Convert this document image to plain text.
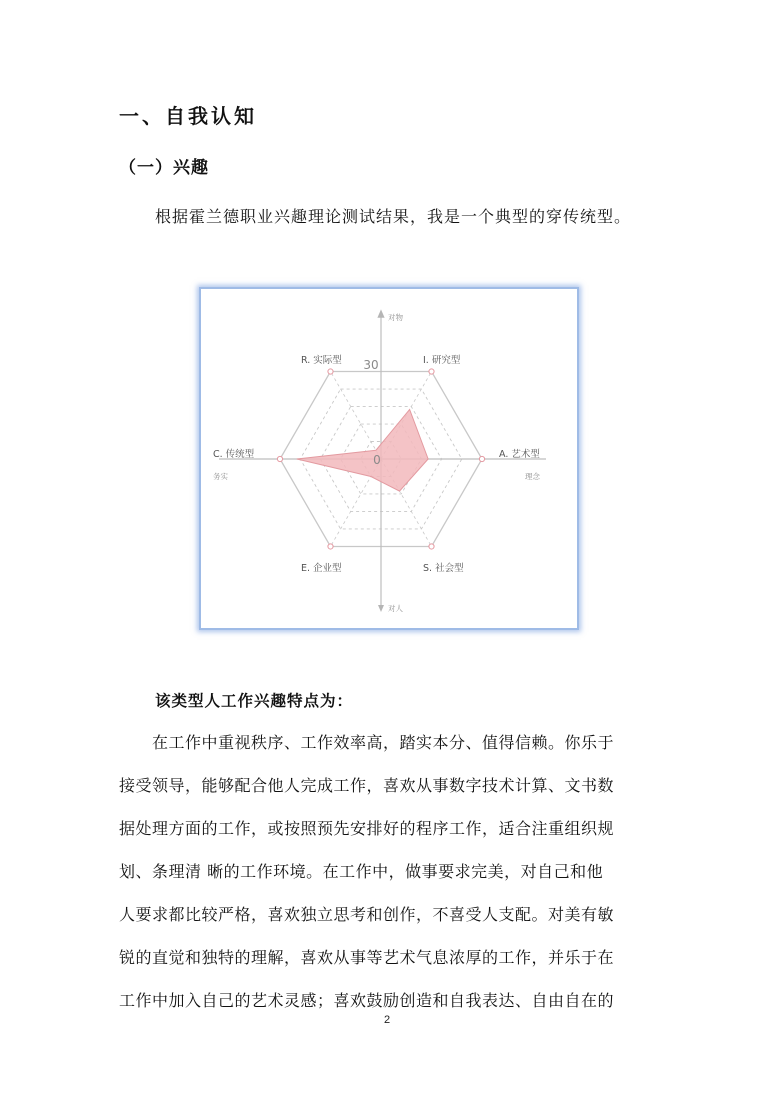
一、自我认知
（一）兴趣
根据霍兰德职业兴趣理论测试结果，我是一个典型的穿传统型。
R. 实际型	I. 研究型
A. 艺术型
S. 社会型
E. 企业型
C. 传统型
30
0
对物
对人
务实	理念
该类型人工作兴趣特点为：
　　在工作中重视秩序、工作效率高，踏实本分、值得信赖。你乐于
接受领导，能够配合他人完成工作，喜欢从事数字技术计算、文书数
据处理方面的工作，或按照预先安排好的程序工作，适合注重组织规
划、条理清 晰的工作环境。在工作中，做事要求完美，对自己和他
人要求都比较严格，喜欢独立思考和创作，不喜受人支配。对美有敏
锐的直觉和独特的理解，喜欢从事等艺术气息浓厚的工作，并乐于在
工作中加入自己的艺术灵感；喜欢鼓励创造和自我表达、自由自在的
2
